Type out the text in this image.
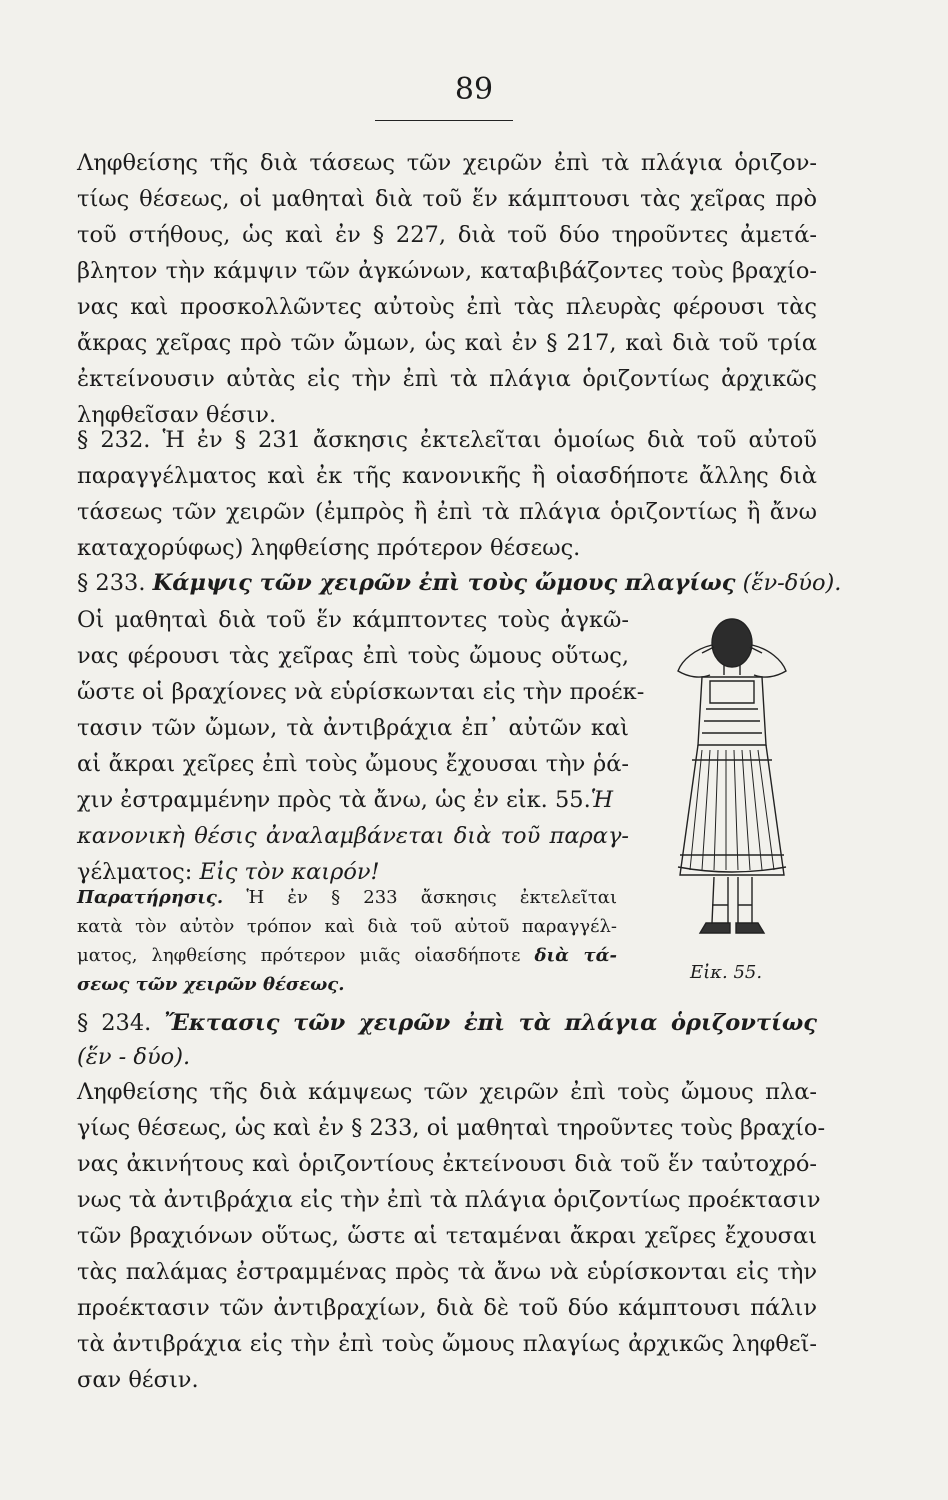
89
Ληφθείσης τῆς διὰ τάσεως τῶν χειρῶν ἐπὶ τὰ πλάγια ὁριζον-
τίως θέσεως, οἱ μαθηταὶ διὰ τοῦ ἕν κάμπτουσι τὰς χεῖρας πρὸ
τοῦ στήθους, ὡς καὶ ἐν § 227, διὰ τοῦ δύο τηροῦντες ἀμετά-
βλητον τὴν κάμψιν τῶν ἀγκώνων, καταβιβάζοντες τοὺς βραχίο-
νας καὶ προσκολλῶντες αὐτοὺς ἐπὶ τὰς πλευρὰς φέρουσι τὰς
ἄκρας χεῖρας πρὸ τῶν ὤμων, ὡς καὶ ἐν § 217, καὶ διὰ τοῦ τρία
ἐκτείνουσιν αὐτὰς εἰς τὴν ἐπὶ τὰ πλάγια ὁριζοντίως ἀρχικῶς
ληφθεῖσαν θέσιν.
§ 232. Ἡ ἐν § 231 ἄσκησις ἐκτελεῖται ὁμοίως διὰ τοῦ αὐτοῦ
παραγγέλματος καὶ ἐκ τῆς κανονικῆς ἢ οἱασδήποτε ἄλλης διὰ
τάσεως τῶν χειρῶν (ἐμπρὸς ἢ ἐπὶ τὰ πλάγια ὁριζοντίως ἢ ἄνω
καταχορύφως) ληφθείσης πρότερον θέσεως.
§ 233. Κάμψις τῶν χειρῶν ἐπὶ τοὺς ὤμους πλαγίως (ἕν-δύο).
Οἱ μαθηταὶ διὰ τοῦ ἕν κάμπτοντες τοὺς ἀγκῶ-
νας φέρουσι τὰς χεῖρας ἐπὶ τοὺς ὤμους οὕτως,
ὥστε οἱ βραχίονες νὰ εὑρίσκωνται εἰς τὴν προέκ-
τασιν τῶν ὤμων, τὰ ἀντιβράχια ἐπ᾽ αὐτῶν καὶ
αἱ ἄκραι χεῖρες ἐπὶ τοὺς ὤμους ἔχουσαι τὴν ῥά-
χιν ἐστραμμένην πρὸς τὰ ἄνω, ὡς ἐν εἰκ. 55.Ἡ
κανονικὴ θέσις ἀναλαμβάνεται διὰ τοῦ παραγ-
γέλματος: Εἰς τὸν καιρόν!
Παρατήρησις. Ἡ ἐν § 233 ἄσκησις ἐκτελεῖται
κατὰ τὸν αὐτὸν τρόπον καὶ διὰ τοῦ αὐτοῦ παραγγέλ-
ματος, ληφθείσης πρότερον μιᾶς οἱασδήποτε διὰ τά-
σεως τῶν χειρῶν θέσεως.
Εἰκ. 55.
§ 234. Ἔκτασις τῶν χειρῶν ἐπὶ τὰ πλάγια ὁριζοντίως
(ἕν - δύο).
Ληφθείσης τῆς διὰ κάμψεως τῶν χειρῶν ἐπὶ τοὺς ὤμους πλα-
γίως θέσεως, ὡς καὶ ἐν § 233, οἱ μαθηταὶ τηροῦντες τοὺς βραχίο-
νας ἀκινήτους καὶ ὁριζοντίους ἐκτείνουσι διὰ τοῦ ἕν ταὐτοχρό-
νως τὰ ἀντιβράχια εἰς τὴν ἐπὶ τὰ πλάγια ὁριζοντίως προέκτασιν
τῶν βραχιόνων οὕτως, ὥστε αἱ τεταμέναι ἄκραι χεῖρες ἔχουσαι
τὰς παλάμας ἐστραμμένας πρὸς τὰ ἄνω νὰ εὑρίσκονται εἰς τὴν
προέκτασιν τῶν ἀντιβραχίων, διὰ δὲ τοῦ δύο κάμπτουσι πάλιν
τὰ ἀντιβράχια εἰς τὴν ἐπὶ τοὺς ὤμους πλαγίως ἀρχικῶς ληφθεῖ-
σαν θέσιν.
